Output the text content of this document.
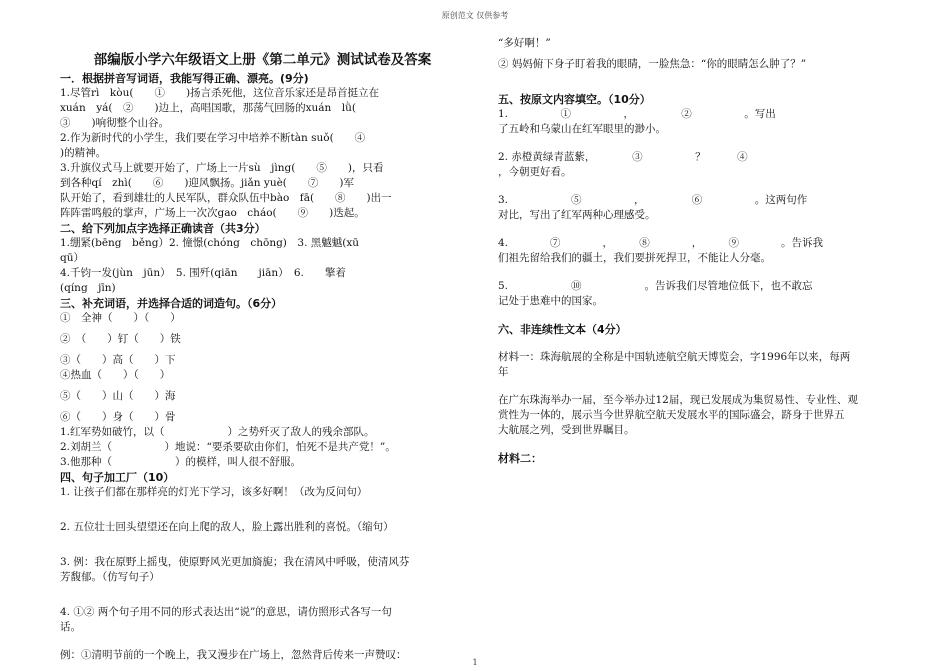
原创范文 仅供参考
部编版小学六年级语文上册《第二单元》测试试卷及答案
一．根据拼音写词语，我能写得正确、漂亮。(9分)
1.尽管rì　kòu(　　①　　)扬言杀死他，这位音乐家还是昂首挺立在
xuán　yá(　②　　)边上，高唱国歌，那荡气回肠的xuán　lǜ(
③　　)响彻整个山谷。
2.作为新时代的小学生，我们要在学习中培养不断tàn suǒ(　　④
)的精神。
3.升旗仪式马上就要开始了，广场上一片sù　jìng(　　⑤　　)，只看
到各种qí　zhì(　　⑥　　)迎风飘扬。jiǎn yuè(　　⑦　　)军
队开始了，看到雄壮的人民军队，群众队伍中bào　fā(　　⑧　　)出一
阵阵雷鸣般的掌声，广场上一次次gao　cháo(　　⑨　　)迭起。
二、给下列加点字选择正确读音（共3分）
1.绷紧(bēng　běng）2. 憧憬(chóng　chōng)　3. 黑魆魆(xū
qū）
4.千钧一发(jùn　jūn）　5. 围歼(qiān　　jiān）　6.　　擎着
(qíng　jīn)
三、补充词语，并选择合适的词造句。（6分）
①　全神（　　）（　　）
②　（　　）钉（　　）铁
③（　　）高（　　）下
④热血（　　）（　　）
⑤（　　）山（　　）海
⑥（　　）身（　　）骨
1.红军势如破竹，以（　　　　　　）之势歼灭了敌人的残余部队。
2.刘胡兰（　　　　　）地说：“要杀要砍由你们，怕死不是共产党！”。
3.他那种（　　　　　　）的模样，叫人很不舒服。
四、句子加工厂（10）
1. 让孩子们都在那样亮的灯光下学习，该多好啊！（改为反问句）
2. 五位壮士回头望望还在向上爬的敌人，脸上露出胜利的喜悦。（缩句）
3. 例：我在原野上摇曳，使原野风光更加旖旎；我在清风中呼吸，使清风芬
芳馥郁。（仿写句子）
4. ①② 两个句子用不同的形式表达出“说”的意思，请仿照形式各写一句
话。
例：①清明节前的一个晚上，我又漫步在广场上，忽然背后传来一声赞叹：
“多好啊！”
② 妈妈俯下身子盯着我的眼睛，一脸焦急：“你的眼睛怎么肿了？”
五、按原文内容填空。（10分）
1.　　　　　①　　　　　，　　　　　②　　　　　。写出
了五岭和乌蒙山在红军眼里的渺小。
2. 赤橙黄绿青蓝紫，　　　　③　　　　　？　　　④
，今朝更好看。
3.　　　　　　⑤　　　　　，　　　　　⑥　　　　　。这两句作
对比，写出了红军两种心理感受。
4.　　　　⑦　　　　，　　　⑧　　　　，　　　⑨　　　　。告诉我
们祖先留给我们的疆土，我们要拼死捍卫，不能让人分毫。
5.　　　　　　⑩　　　　　　。告诉我们尽管地位低下，也不敢忘
记处于患难中的国家。
六、非连续性文本（4分）
材料一：珠海航展的全称是中国轨迹航空航天博览会，字1996年以来，每两
年
在广东珠海举办一届，至今举办过12届，现已发展成为集贸易性、专业性、观
赏性为一体的，展示当今世界航空航天发展水平的国际盛会，跻身于世界五
大航展之列，受到世界瞩目。
材料二：
1
